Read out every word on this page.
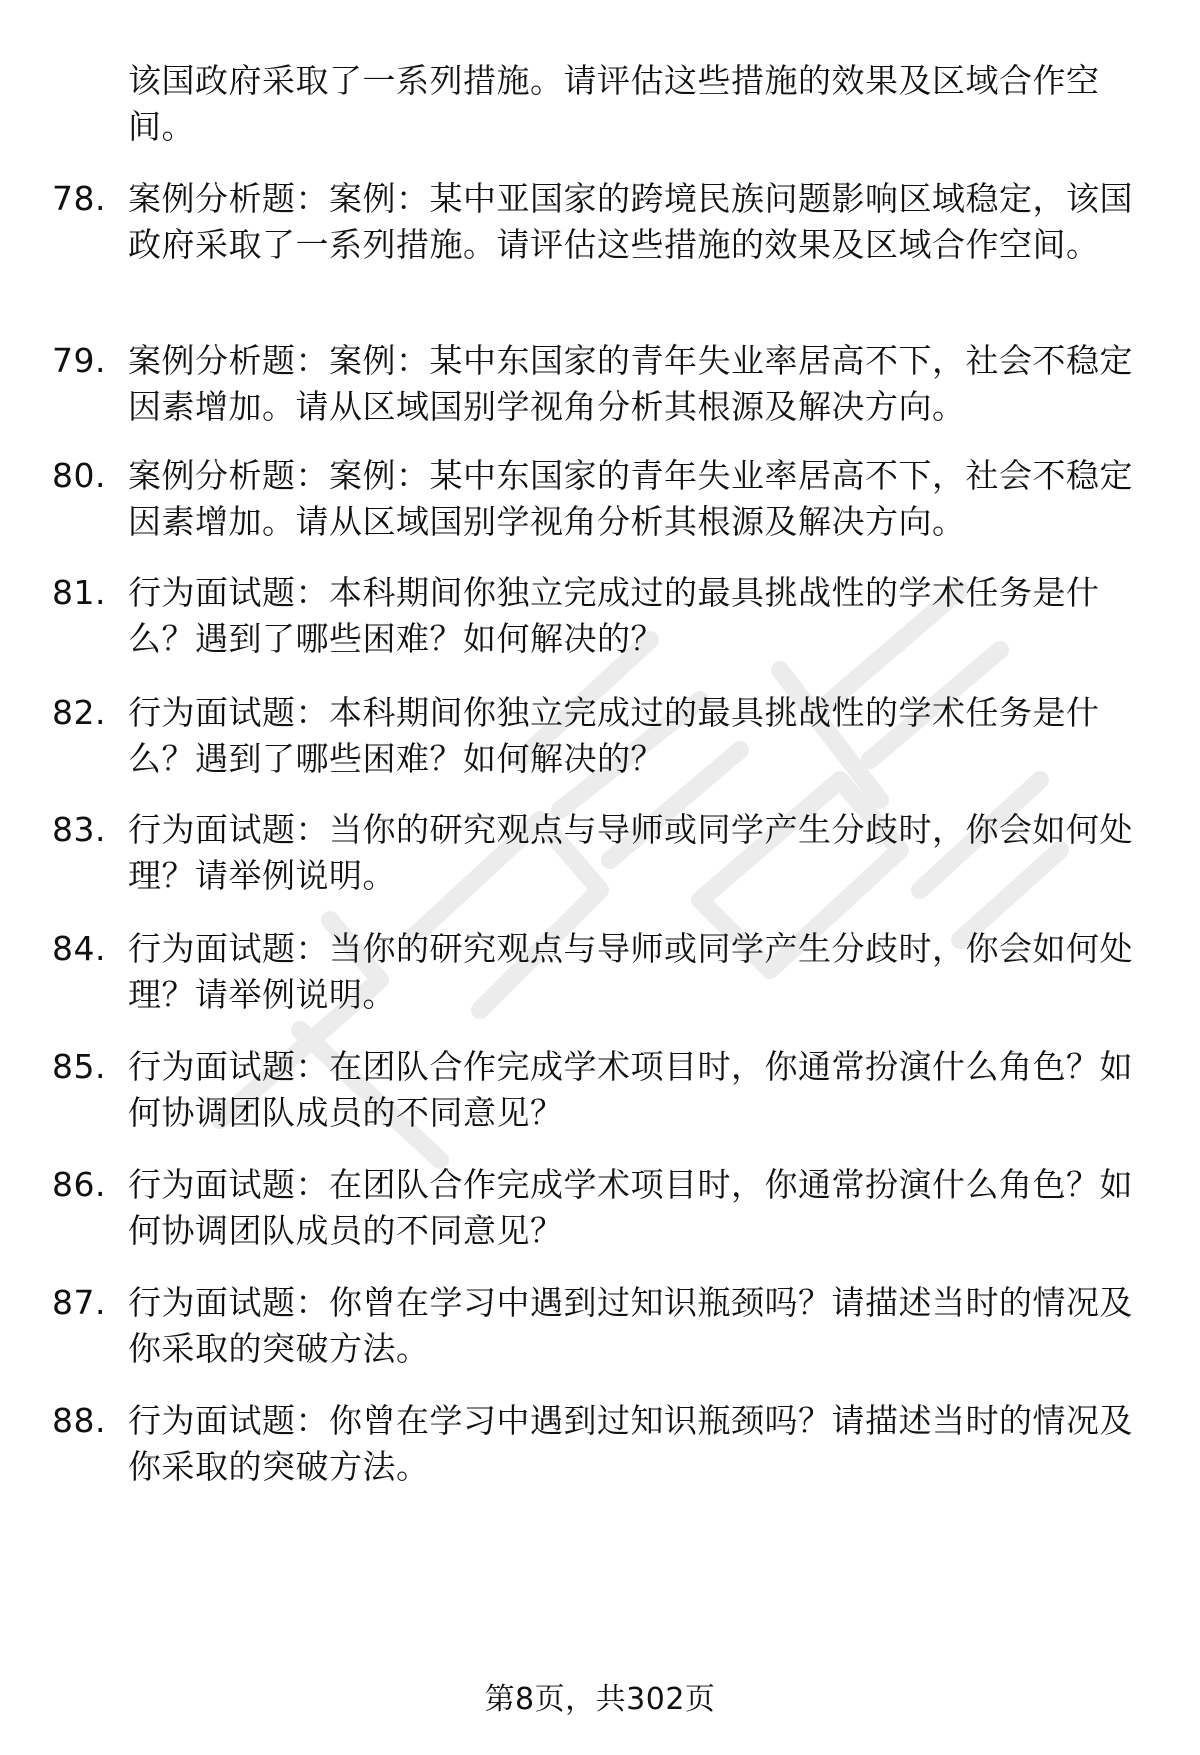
该国政府采取了一系列措施。请评估这些措施的效果及区域合作空间。
78. 案例分析题：案例：某中亚国家的跨境民族问题影响区域稳定，该国政府采取了一系列措施。请评估这些措施的效果及区域合作空间。
79. 案例分析题：案例：某中东国家的青年失业率居高不下，社会不稳定因素增加。请从区域国别学视角分析其根源及解决方向。
80. 案例分析题：案例：某中东国家的青年失业率居高不下，社会不稳定因素增加。请从区域国别学视角分析其根源及解决方向。
81. 行为面试题：本科期间你独立完成过的最具挑战性的学术任务是什么？遇到了哪些困难？如何解决的？
82. 行为面试题：本科期间你独立完成过的最具挑战性的学术任务是什么？遇到了哪些困难？如何解决的？
83. 行为面试题：当你的研究观点与导师或同学产生分歧时，你会如何处理？请举例说明。
84. 行为面试题：当你的研究观点与导师或同学产生分歧时，你会如何处理？请举例说明。
85. 行为面试题：在团队合作完成学术项目时，你通常扮演什么角色？如何协调团队成员的不同意见？
86. 行为面试题：在团队合作完成学术项目时，你通常扮演什么角色？如何协调团队成员的不同意见？
87. 行为面试题：你曾在学习中遇到过知识瓶颈吗？请描述当时的情况及你采取的突破方法。
88. 行为面试题：你曾在学习中遇到过知识瓶颈吗？请描述当时的情况及你采取的突破方法。
第8页，共302页
